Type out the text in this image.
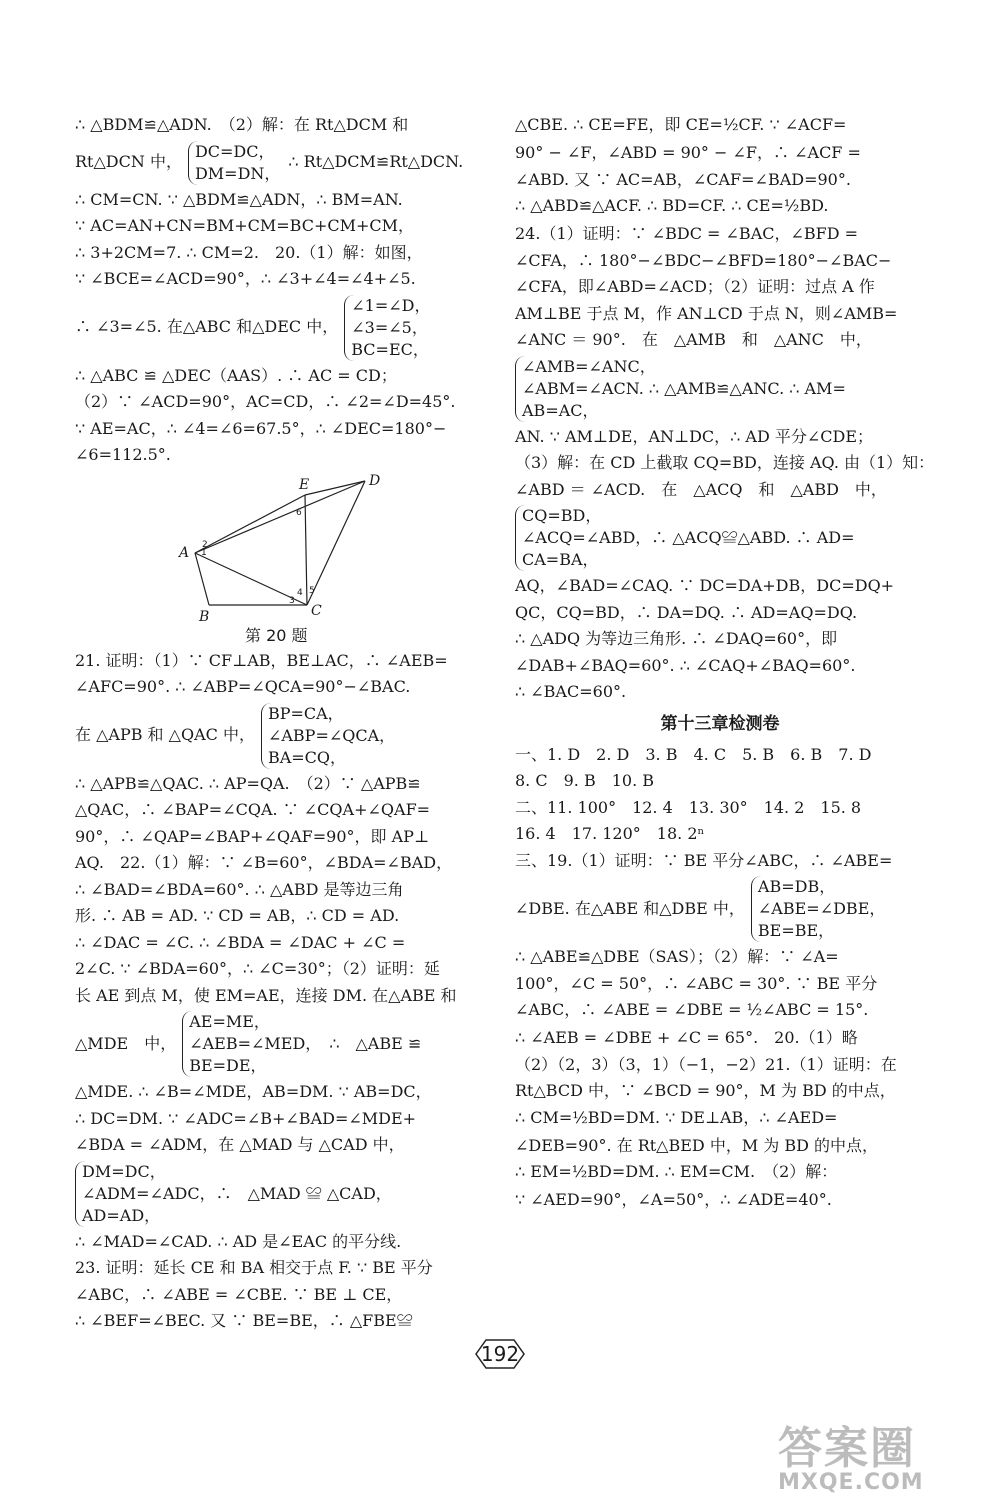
∴ △BDM≌△ADN.　（2）解：在 Rt△DCM 和
Rt△DCN 中，
DC=DC，
DM=DN，
∴ Rt△DCM≌Rt△DCN.
∴ CM=CN. ∵ △BDM≌△ADN，∴ BM=AN.
∵ AC=AN+CN=BM+CM=BC+CM+CM，
∴ 3+2CM=7. ∴ CM=2.　20.（1）解：如图，
∵ ∠BCE=∠ACD=90°，∴ ∠3+∠4=∠4+∠5.
∴ ∠3=∠5. 在△ABC 和△DEC 中，
∠1=∠D，
∠3=∠5，
BC=EC，
∴ △ABC ≌ △DEC（AAS）. ∴ AC = CD；
（2）∵ ∠ACD=90°，AC=CD，∴ ∠2=∠D=45°.
∵ AE=AC，∴ ∠4=∠6=67.5°，∴ ∠DEC=180°−
∠6=112.5°.
A
B	C
D
E
1
2
3
4 5
6
第 20 题
21. 证明：（1）∵ CF⊥AB，BE⊥AC，∴ ∠AEB=
∠AFC=90°. ∴ ∠ABP=∠QCA=90°−∠BAC.
在 △APB 和 △QAC 中，
BP=CA，
∠ABP=∠QCA，
BA=CQ，
∴ △APB≌△QAC. ∴ AP=QA.　（2）∵ △APB≌
△QAC，∴ ∠BAP=∠CQA. ∵ ∠CQA+∠QAF=
90°，∴ ∠QAP=∠BAP+∠QAF=90°，即 AP⊥
AQ.　22.（1）解：∵ ∠B=60°，∠BDA=∠BAD，
∴ ∠BAD=∠BDA=60°. ∴ △ABD 是等边三角
形. ∴ AB = AD. ∵ CD = AB，∴ CD = AD.
∴ ∠DAC = ∠C. ∴ ∠BDA = ∠DAC + ∠C =
2∠C. ∵ ∠BDA=60°，∴ ∠C=30°；（2）证明：延
长 AE 到点 M，使 EM=AE，连接 DM. 在△ABE 和
△MDE　中，
AE=ME，
∠AEB=∠MED，
BE=DE，
∴　△ABE ≌
△MDE. ∴ ∠B=∠MDE，AB=DM. ∵ AB=DC，
∴ DC=DM. ∵ ∠ADC=∠B+∠BAD=∠MDE+
∠BDA = ∠ADM，在 △MAD 与 △CAD 中，
DM=DC，
∠ADM=∠ADC，∴　△MAD ≌ △CAD，
AD=AD，
∴ ∠MAD=∠CAD. ∴ AD 是∠EAC 的平分线.
23. 证明：延长 CE 和 BA 相交于点 F. ∵ BE 平分
∠ABC，∴ ∠ABE = ∠CBE. ∵ BE ⊥ CE，
∴ ∠BEF=∠BEC. 又 ∵ BE=BE，∴ △FBE≌
△CBE. ∴ CE=FE，即 CE=½CF. ∵ ∠ACF=
90° − ∠F，∠ABD = 90° − ∠F，∴ ∠ACF =
∠ABD. 又 ∵ AC=AB，∠CAF=∠BAD=90°.
∴ △ABD≌△ACF. ∴ BD=CF. ∴ CE=½BD.
24.（1）证明：∵ ∠BDC = ∠BAC，∠BFD =
∠CFA，∴ 180°−∠BDC−∠BFD=180°−∠BAC−
∠CFA，即∠ABD=∠ACD；（2）证明：过点 A 作
AM⊥BE 于点 M，作 AN⊥CD 于点 N，则∠AMB=
∠ANC ＝ 90°.　在　△AMB　和　△ANC　中，
∠AMB=∠ANC，
∠ABM=∠ACN. ∴ △AMB≌△ANC. ∴ AM=
AB=AC，
AN. ∵ AM⊥DE，AN⊥DC，∴ AD 平分∠CDE；
（3）解：在 CD 上截取 CQ=BD，连接 AQ. 由（1）知：
∠ABD ＝ ∠ACD.　在　△ACQ　和　△ABD　中，
CQ=BD，
∠ACQ=∠ABD，∴ △ACQ≌△ABD. ∴ AD=
CA=BA，
AQ，∠BAD=∠CAQ. ∵ DC=DA+DB，DC=DQ+
QC，CQ=BD，∴ DA=DQ. ∴ AD=AQ=DQ.
∴ △ADQ 为等边三角形. ∴ ∠DAQ=60°，即
∠DAB+∠BAQ=60°. ∴ ∠CAQ+∠BAQ=60°.
∴ ∠BAC=60°.
第十三章检测卷
一、1. D　2. D　3. B　4. C　5. B　6. B　7. D
8. C　9. B　10. B
二、11. 100°　12. 4　13. 30°　14. 2　15. 8
16. 4　17. 120°　18. 2ⁿ
三、19.（1）证明：∵ BE 平分∠ABC，∴ ∠ABE=
∠DBE. 在△ABE 和△DBE 中，
AB=DB，
∠ABE=∠DBE，
BE=BE，
∴ △ABE≌△DBE（SAS）；（2）解：∵ ∠A=
100°，∠C = 50°，∴ ∠ABC = 30°. ∵ BE 平分
∠ABC，∴ ∠ABE = ∠DBE = ½∠ABC = 15°.
∴ ∠AEB = ∠DBE + ∠C = 65°.　20.（1）略
（2）（2，3）（3，1）（−1，−2）21.（1）证明：在
Rt△BCD 中，∵ ∠BCD = 90°，M 为 BD 的中点，
∴ CM=½BD=DM. ∵ DE⊥AB，∴ ∠AED=
∠DEB=90°. 在 Rt△BED 中，M 为 BD 的中点，
∴ EM=½BD=DM. ∴ EM=CM.　（2）解：
∵ ∠AED=90°，∠A=50°，∴ ∠ADE=40°.
192
答案圈
MXQE.COM
